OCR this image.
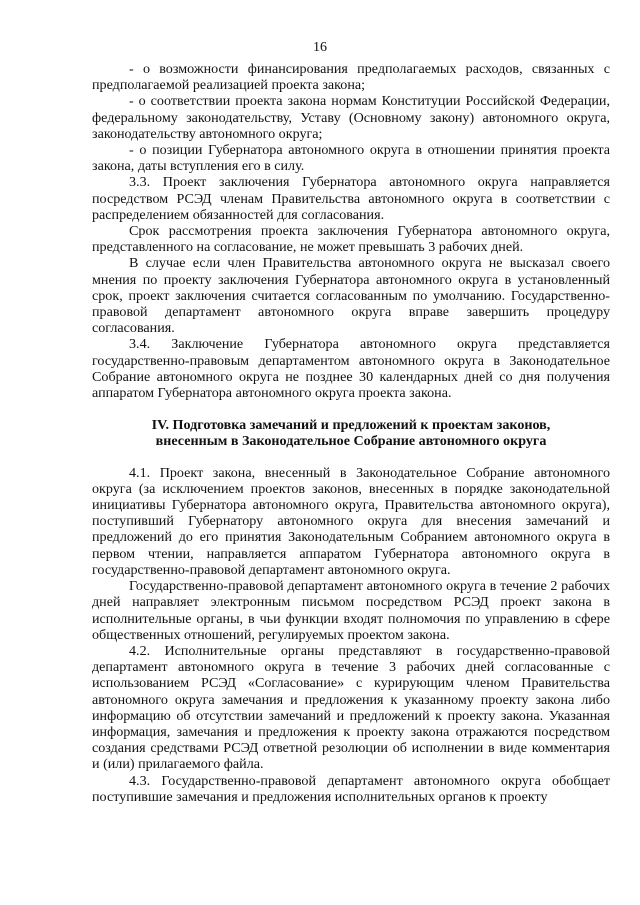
16

- о возможности финансирования предполагаемых расходов, связанных с предполагаемой реализацией проекта закона;

- о соответствии проекта закона нормам Конституции Российской Федерации, федеральному законодательству, Уставу (Основному закону) автономного округа, законодательству автономного округа;

- о позиции Губернатора автономного округа в отношении принятия проекта закона, даты вступления его в силу.

3.3. Проект заключения Губернатора автономного округа направляется посредством РСЭД членам Правительства автономного округа в соответствии с распределением обязанностей для согласования.

Срок рассмотрения проекта заключения Губернатора автономного округа, представленного на согласование, не может превышать 3 рабочих дней.

В случае если член Правительства автономного округа не высказал своего мнения по проекту заключения Губернатора автономного округа в установленный срок, проект заключения считается согласованным по умолчанию. Государственно-правовой департамент автономного округа вправе завершить процедуру согласования.

3.4. Заключение Губернатора автономного округа представляется государственно-правовым департаментом автономного округа в Законодательное Собрание автономного округа не позднее 30 календарных дней со дня получения аппаратом Губернатора автономного округа проекта закона.

IV. Подготовка замечаний и предложений к проектам законов,
внесенным в Законодательное Собрание автономного округа

4.1. Проект закона, внесенный в Законодательное Собрание автономного округа (за исключением проектов законов, внесенных в порядке законодательной инициативы Губернатора автономного округа, Правительства автономного округа), поступивший Губернатору автономного округа для внесения замечаний и предложений до его принятия Законодательным Собранием автономного округа в первом чтении, направляется аппаратом Губернатора автономного округа в государственно-правовой департамент автономного округа.

Государственно-правовой департамент автономного округа в течение 2 рабочих дней направляет электронным письмом посредством РСЭД проект закона в исполнительные органы, в чьи функции входят полномочия по управлению в сфере общественных отношений, регулируемых проектом закона.

4.2. Исполнительные органы представляют в государственно-правовой департамент автономного округа в течение 3 рабочих дней согласованные с использованием РСЭД «Согласование» с курирующим членом Правительства автономного округа замечания и предложения к указанному проекту закона либо информацию об отсутствии замечаний и предложений к проекту закона. Указанная информация, замечания и предложения к проекту закона отражаются посредством создания средствами РСЭД ответной резолюции об исполнении в виде комментария и (или) прилагаемого файла.

4.3. Государственно-правовой департамент автономного округа обобщает поступившие замечания и предложения исполнительных органов к проекту
